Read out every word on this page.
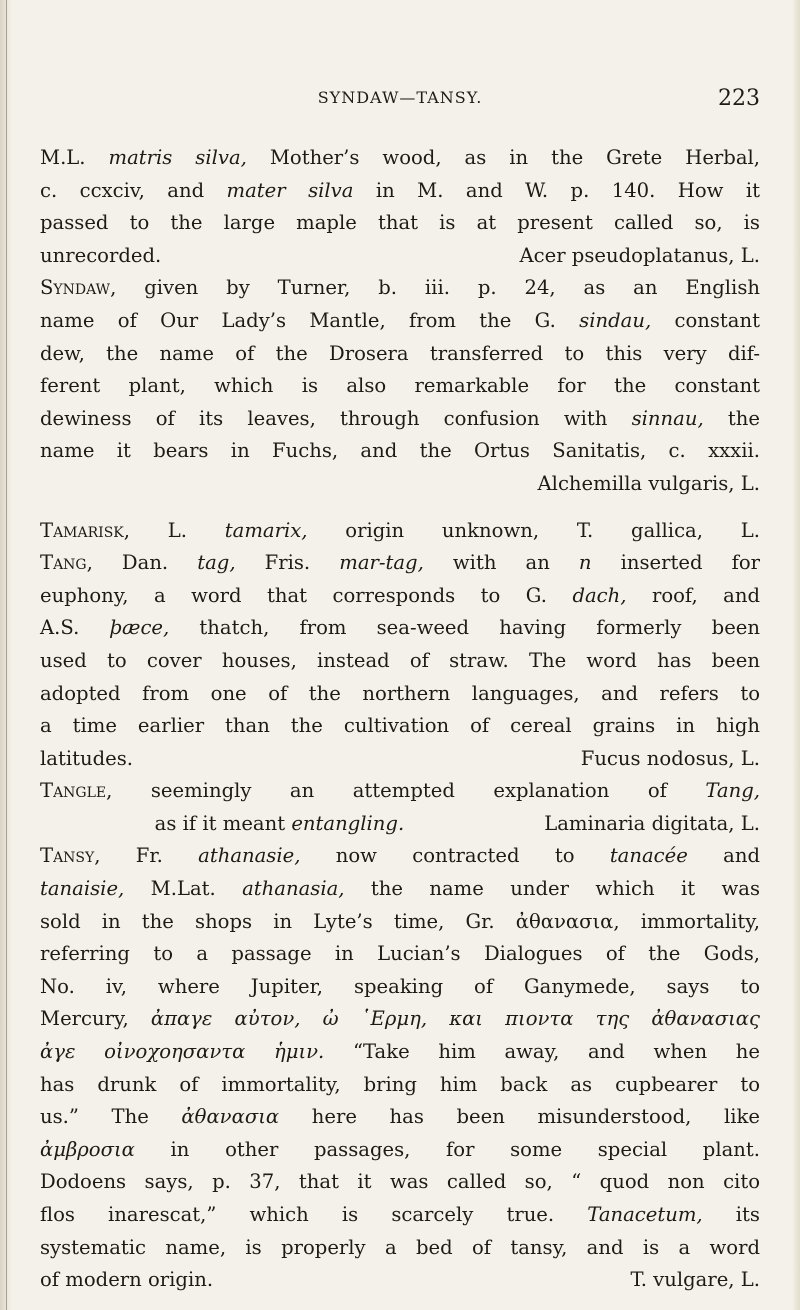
SYNDAW—TANSY.	223
M.L. matris silva, Mother’s wood, as in the Grete Herbal,
c. ccxciv, and mater silva in M. and W. p. 140. How it
passed to the large maple that is at present called so, is
unrecorded.	Acer pseudoplatanus, L.
Syndaw, given by Turner, b. iii. p. 24, as an English
name of Our Lady’s Mantle, from the G. sindau, constant
dew, the name of the Drosera transferred to this very dif-
ferent plant, which is also remarkable for the constant
dewiness of its leaves, through confusion with sinnau, the
name it bears in Fuchs, and the Ortus Sanitatis, c. xxxii.
Alchemilla vulgaris, L.
Tamarisk, L. tamarix, origin unknown, T. gallica, L.
Tang, Dan. tag, Fris. mar-tag, with an n inserted for
euphony, a word that corresponds to G. dach, roof, and
A.S. þæce, thatch, from sea-weed having formerly been
used to cover houses, instead of straw. The word has been
adopted from one of the northern languages, and refers to
a time earlier than the cultivation of cereal grains in high
latitudes.	Fucus nodosus, L.
Tangle, seemingly an attempted explanation of Tang,
as if it meant entangling.	Laminaria digitata, L.
Tansy, Fr. athanasie, now contracted to tanacée and
tanaisie, M.Lat. athanasia, the name under which it was
sold in the shops in Lyte’s time, Gr. ἀθανασια, immortality,
referring to a passage in Lucian’s Dialogues of the Gods,
No. iv, where Jupiter, speaking of Ganymede, says to
Mercury, ἀπαγε αὐτον, ὠ ῾Ερμη, και πιοντα της ἀθανασιας
ἀγε οἰνοχοησαντα ἡμιν. “Take him away, and when he
has drunk of immortality, bring him back as cupbearer to
us.” The ἀθανασια here has been misunderstood, like
ἀμβροσια in other passages, for some special plant.
Dodoens says, p. 37, that it was called so, “ quod non cito
flos inarescat,” which is scarcely true. Tanacetum, its
systematic name, is properly a bed of tansy, and is a word
of modern origin.	T. vulgare, L.
